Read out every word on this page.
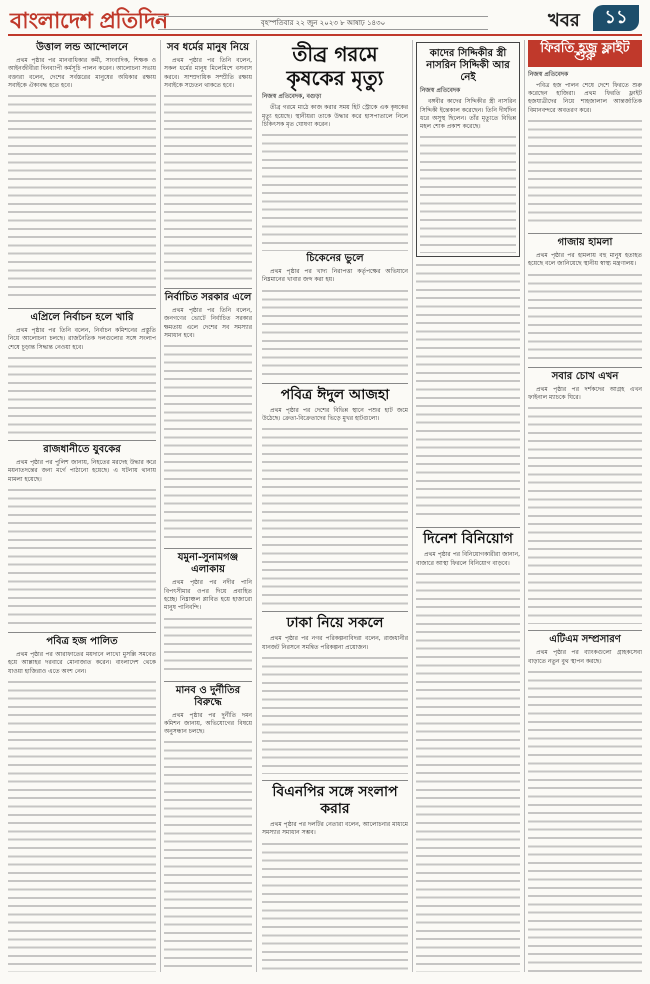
বাংলাদেশ প্রতিদিন	বৃহস্পতিবার ২২ জুন ২০২৩ ৮ আষাঢ় ১৪৩০	খবর	১১
উত্তাল লন্ড আন্দোলনে

প্রথম পৃষ্ঠার পর মানবাধিকার কর্মী, সাংবাদিক, শিক্ষক ও আইনজীবীরা দিনব্যাপী কর্মসূচি পালন করেন। আলোচনা সভায় বক্তারা বলেন, দেশের সর্বস্তরের মানুষের অধিকার রক্ষায় সবাইকে ঐক্যবদ্ধ হতে হবে।

এপ্রিলে নির্বাচন হলে খারি

প্রথম পৃষ্ঠার পর তিনি বলেন, নির্বাচন কমিশনের প্রস্তুতি নিয়ে আলোচনা চলছে। রাজনৈতিক দলগুলোর সঙ্গে সংলাপ শেষে চূড়ান্ত সিদ্ধান্ত নেওয়া হবে।

রাজধানীতে যুবকের

প্রথম পৃষ্ঠার পর পুলিশ জানায়, নিহতের মরদেহ উদ্ধার করে ময়নাতদন্তের জন্য মর্গে পাঠানো হয়েছে। এ ঘটনায় থানায় মামলা হয়েছে।

পবিত্র হজ পালিত

প্রথম পৃষ্ঠার পর আরাফাতের ময়দানে লাখো মুসল্লি সমবেত হয়ে আল্লাহর দরবারে মোনাজাত করেন। বাংলাদেশ থেকে যাওয়া হাজিরাও এতে অংশ নেন।

সব ধর্মের মানুষ নিয়ে

প্রথম পৃষ্ঠার পর তিনি বলেন, সকল ধর্মের মানুষ মিলেমিশে বসবাস করবে। সাম্প্রদায়িক সম্প্রীতি রক্ষায় সবাইকে সচেতন থাকতে হবে।

নির্বাচিত সরকার এলে

প্রথম পৃষ্ঠার পর তিনি বলেন, জনগণের ভোটে নির্বাচিত সরকার ক্ষমতায় এলে দেশের সব সমস্যার সমাধান হবে।

যমুনা-সুনামগঞ্জ এলাকায়

প্রথম পৃষ্ঠার পর নদীর পানি বিপৎসীমার ওপর দিয়ে প্রবাহিত হচ্ছে। নিম্নাঞ্চল প্লাবিত হয়ে হাজারো মানুষ পানিবন্দি।

মানব ও দুর্নীতির বিরুদ্ধে

প্রথম পৃষ্ঠার পর দুর্নীতি দমন কমিশন জানায়, অভিযোগের বিষয়ে অনুসন্ধান চলছে।

তীব্র গরমে কৃষকের মৃত্যু
নিজস্ব প্রতিবেদক, বগুড়া

তীব্র গরমে মাঠে কাজ করার সময় হিট স্ট্রোকে এক কৃষকের মৃত্যু হয়েছে। স্থানীয়রা তাকে উদ্ধার করে হাসপাতালে নিলে চিকিৎসক মৃত ঘোষণা করেন।

চিকেনের ভুলে

প্রথম পৃষ্ঠার পর খাদ্য নিরাপত্তা কর্তৃপক্ষের অভিযানে নিম্নমানের খাবার জব্দ করা হয়।

পবিত্র ঈদুল আজহা

প্রথম পৃষ্ঠার পর দেশের বিভিন্ন স্থানে পশুর হাট জমে উঠেছে। ক্রেতা-বিক্রেতাদের ভিড়ে মুখর হাটগুলো।

ঢাকা নিয়ে সকলে

প্রথম পৃষ্ঠার পর নগর পরিকল্পনাবিদরা বলেন, রাজধানীর যানজট নিরসনে সমন্বিত পরিকল্পনা প্রয়োজন।

বিএনপির সঙ্গে সংলাপ করার

প্রথম পৃষ্ঠার পর দলটির নেতারা বলেন, আলোচনার মাধ্যমে সমস্যার সমাধান সম্ভব।

কাদের সিদ্দিকীর স্ত্রী নাসরিন সিদ্দিকী আর নেই
নিজস্ব প্রতিবেদক

বঙ্গবীর কাদের সিদ্দিকীর স্ত্রী নাসরিন সিদ্দিকী ইন্তেকাল করেছেন। তিনি দীর্ঘদিন ধরে অসুস্থ ছিলেন। তাঁর মৃত্যুতে বিভিন্ন মহল শোক প্রকাশ করেছে।

দিনেশ বিনিয়োগ

প্রথম পৃষ্ঠার পর বিনিয়োগকারীরা জানান, বাজারে আস্থা ফিরলে বিনিয়োগ বাড়বে।

ফিরতি হজ ফ্লাইট শুরু
নিজস্ব প্রতিবেদক

পবিত্র হজ পালন শেষে দেশে ফিরতে শুরু করেছেন হাজিরা। প্রথম ফিরতি ফ্লাইট হজযাত্রীদের নিয়ে শাহজালাল আন্তর্জাতিক বিমানবন্দরে অবতরণ করে।

গাজায় হামলা

প্রথম পৃষ্ঠার পর হামলায় বহু মানুষ হতাহত হয়েছে বলে জানিয়েছে স্থানীয় স্বাস্থ্য মন্ত্রণালয়।

সবার চোখ এখন

প্রথম পৃষ্ঠার পর দর্শকদের আগ্রহ এখন ফাইনাল ম্যাচকে ঘিরে।

এটিএম সম্প্রসারণ

প্রথম পৃষ্ঠার পর ব্যাংকগুলো গ্রাহকসেবা বাড়াতে নতুন বুথ স্থাপন করছে।
